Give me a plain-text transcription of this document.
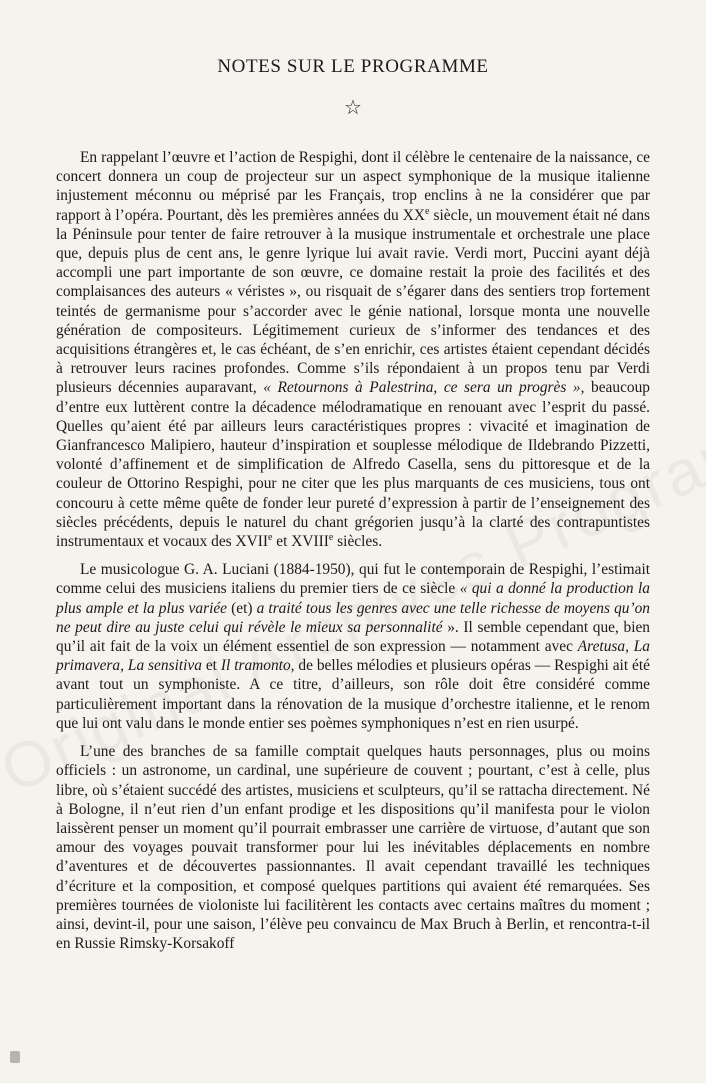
NOTES SUR LE PROGRAMME
☆

En rappelant l’œuvre et l’action de Respighi, dont il célèbre le centenaire de la naissance, ce concert donnera un coup de projecteur sur un aspect symphonique de la musique italienne injustement méconnu ou méprisé par les Français, trop enclins à ne la considérer que par rapport à l’opéra. Pourtant, dès les premières années du XXe siècle, un mouvement était né dans la Péninsule pour tenter de faire retrouver à la musique instrumentale et orchestrale une place que, depuis plus de cent ans, le genre lyrique lui avait ravie. Verdi mort, Puccini ayant déjà accompli une part importante de son œuvre, ce domaine restait la proie des facilités et des complaisances des auteurs « véristes », ou risquait de s’égarer dans des sentiers trop fortement teintés de germanisme pour s’accorder avec le génie national, lorsque monta une nouvelle génération de compositeurs. Légitimement curieux de s’informer des tendances et des acquisitions étrangères et, le cas échéant, de s’en enrichir, ces artistes étaient cependant décidés à retrouver leurs racines profondes. Comme s’ils répondaient à un propos tenu par Verdi plusieurs décennies auparavant, « Retournons à Palestrina, ce sera un progrès », beaucoup d’entre eux luttèrent contre la décadence mélodramatique en renouant avec l’esprit du passé. Quelles qu’aient été par ailleurs leurs caractéristiques propres : vivacité et imagination de Gianfrancesco Malipiero, hauteur d’inspiration et souplesse mélodique de Ildebrando Pizzetti, volonté d’affinement et de simplification de Alfredo Casella, sens du pittoresque et de la couleur de Ottorino Respighi, pour ne citer que les plus marquants de ces musiciens, tous ont concouru à cette même quête de fonder leur pureté d’expression à partir de l’enseignement des siècles précédents, depuis le naturel du chant grégorien jusqu’à la clarté des contrapuntistes instrumentaux et vocaux des XVIIe et XVIIIe siècles.

Le musicologue G. A. Luciani (1884-1950), qui fut le contemporain de Respighi, l’estimait comme celui des musiciens italiens du premier tiers de ce siècle « qui a donné la production la plus ample et la plus variée (et) a traité tous les genres avec une telle richesse de moyens qu’on ne peut dire au juste celui qui révèle le mieux sa personnalité ». Il semble cependant que, bien qu’il ait fait de la voix un élément essentiel de son expression — notamment avec Aretusa, La primavera, La sensitiva et Il tramonto, de belles mélodies et plusieurs opéras — Respighi ait été avant tout un symphoniste. A ce titre, d’ailleurs, son rôle doit être considéré comme particulièrement important dans la rénovation de la musique d’orchestre italienne, et le renom que lui ont valu dans le monde entier ses poèmes symphoniques n’est en rien usurpé.

L’une des branches de sa famille comptait quelques hauts personnages, plus ou moins officiels : un astronome, un cardinal, une supérieure de couvent ; pourtant, c’est à celle, plus libre, où s’étaient succédé des artistes, musiciens et sculpteurs, qu’il se rattacha directement. Né à Bologne, il n’eut rien d’un enfant prodige et les dispositions qu’il manifesta pour le violon laissèrent penser un moment qu’il pourrait embrasser une carrière de virtuose, d’autant que son amour des voyages pouvait transformer pour lui les inévitables déplacements en nombre d’aventures et de découvertes passionnantes. Il avait cependant travaillé les techniques d’écriture et la composition, et composé quelques partitions qui avaient été remarquées. Ses premières tournées de violoniste lui facilitèrent les contacts avec certains maîtres du moment ; ainsi, devint-il, pour une saison, l’élève peu convaincu de Max Bruch à Berlin, et rencontra-t-il en Russie Rimsky-Korsakoff
